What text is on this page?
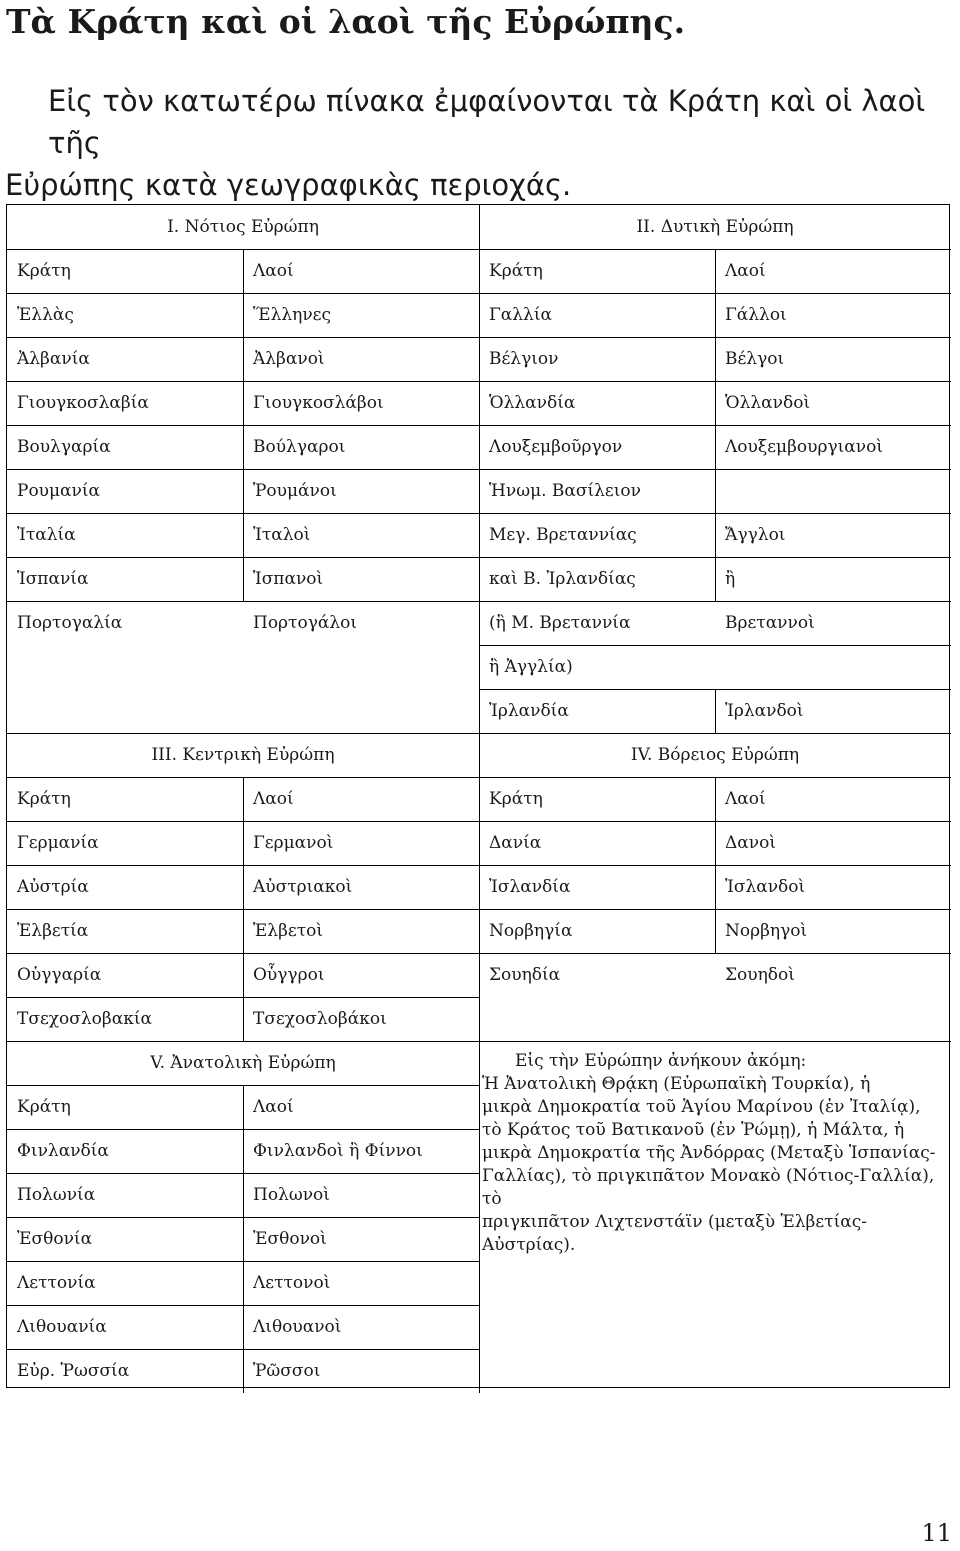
Τὰ Κράτη καὶ οἱ λαοὶ τῆς Εὐρώπης.
Εἰς τὸν κατωτέρω πίνακα ἐμφαίνονται τὰ Κράτη καὶ οἱ λαοὶ τῆς
Εὐρώπης κατὰ γεωγραφικὰς περιοχάς.
I. Νότιος Εὐρώπη	II. Δυτικὴ Εὐρώπη
Κράτη	Λαοί	Κράτη	Λαοί
Ἑλλὰς	Ἕλληνες
Ἀλβανία	Ἀλβανοὶ
Γιουγκοσλαβία	Γιουγκοσλάβοι
Βουλγαρία	Βούλγαροι
Ρουμανία	Ῥουμάνοι
Ἰταλία	Ἰταλοὶ
Ἱσπανία	Ἱσπανοὶ
Πορτογαλία	Πορτογάλοι
Γαλλία	Γάλλοι
Βέλγιον	Βέλγοι
Ὁλλανδία	Ὁλλανδοὶ
Λουξεμβοῦργον	Λουξεμβουργιανοὶ
Ἡνωμ. Βασίλειον
Μεγ. Βρεταννίας	Ἄγγλοι
καὶ Β. Ἰρλανδίας	ἢ
(ἢ Μ. Βρεταννία	Βρεταννοὶ
ἢ Ἀγγλία)
Ἰρλανδία	Ἰρλανδοὶ
III. Κεντρικὴ Εὐρώπη	IV. Βόρειος Εὐρώπη
Κράτη	Λαοί	Κράτη	Λαοί
Γερμανία	Γερμανοὶ
Αὐστρία	Αὐστριακοὶ
Ἑλβετία	Ἑλβετοὶ
Οὑγγαρία	Οὗγγροι
Τσεχοσλοβακία	Τσεχοσλοβάκοι
Δανία	Δανοὶ
Ἰσλανδία	Ἰσλανδοὶ
Νορβηγία	Νορβηγοὶ
Σουηδία	Σουηδοὶ
V. Ἀνατολικὴ Εὐρώπη
Κράτη	Λαοί
Φινλανδία	Φινλανδοὶ ἢ Φίννοι
Πολωνία	Πολωνοὶ
Ἐσθονία	Ἐσθονοὶ
Λεττονία	Λεττονοὶ
Λιθουανία	Λιθουανοὶ
Εὐρ. Ῥωσσία	Ῥῶσσοι
Εἰς τὴν Εὐρώπην ἀνήκουν ἀκόμη:
Ἡ Ἀνατολικὴ Θρᾴκη (Εὐρωπαϊκὴ Τουρκία), ἡ
μικρὰ Δημοκρατία τοῦ Ἁγίου Μαρίνου (ἐν Ἰταλίᾳ),
τὸ Κράτος τοῦ Βατικανοῦ (ἐν Ῥώμῃ), ἡ Μάλτα, ἡ
μικρὰ Δημοκρατία τῆς Ἀνδόρρας (Μεταξὺ Ἱσπανίας-
Γαλλίας), τὸ πριγκιπᾶτον Μονακὸ (Νότιος-Γαλλία), τὸ
πριγκιπᾶτον Λιχτενστάϊν (μεταξὺ Ἑλβετίας-Αὐστρίας).
11
